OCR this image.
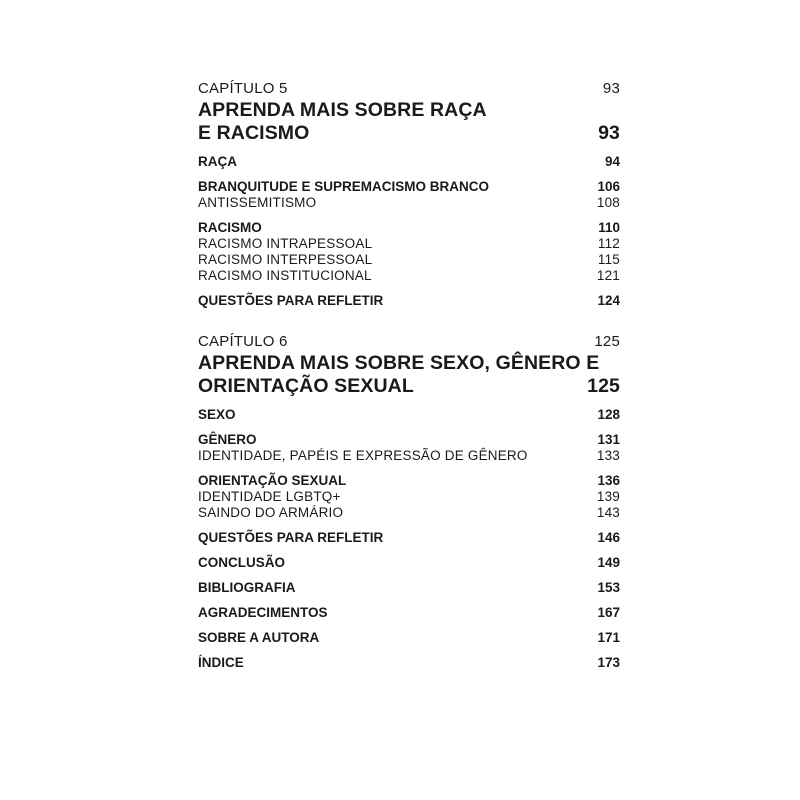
CAPÍTULO 5	93
APRENDA MAIS SOBRE RAÇA
E RACISMO	93
RAÇA	94
BRANQUITUDE E SUPREMACISMO BRANCO	106
ANTISSEMITISMO	108
RACISMO	110
RACISMO INTRAPESSOAL	112
RACISMO INTERPESSOAL	115
RACISMO INSTITUCIONAL	121
QUESTÕES PARA REFLETIR	124
CAPÍTULO 6	125
APRENDA MAIS SOBRE SEXO, GÊNERO E
ORIENTAÇÃO SEXUAL	125
SEXO	128
GÊNERO	131
IDENTIDADE, PAPÉIS E EXPRESSÃO DE GÊNERO	133
ORIENTAÇÃO SEXUAL	136
IDENTIDADE LGBTQ+	139
SAINDO DO ARMÁRIO	143
QUESTÕES PARA REFLETIR	146
CONCLUSÃO	149
BIBLIOGRAFIA	153
AGRADECIMENTOS	167
SOBRE A AUTORA	171
ÍNDICE	173
